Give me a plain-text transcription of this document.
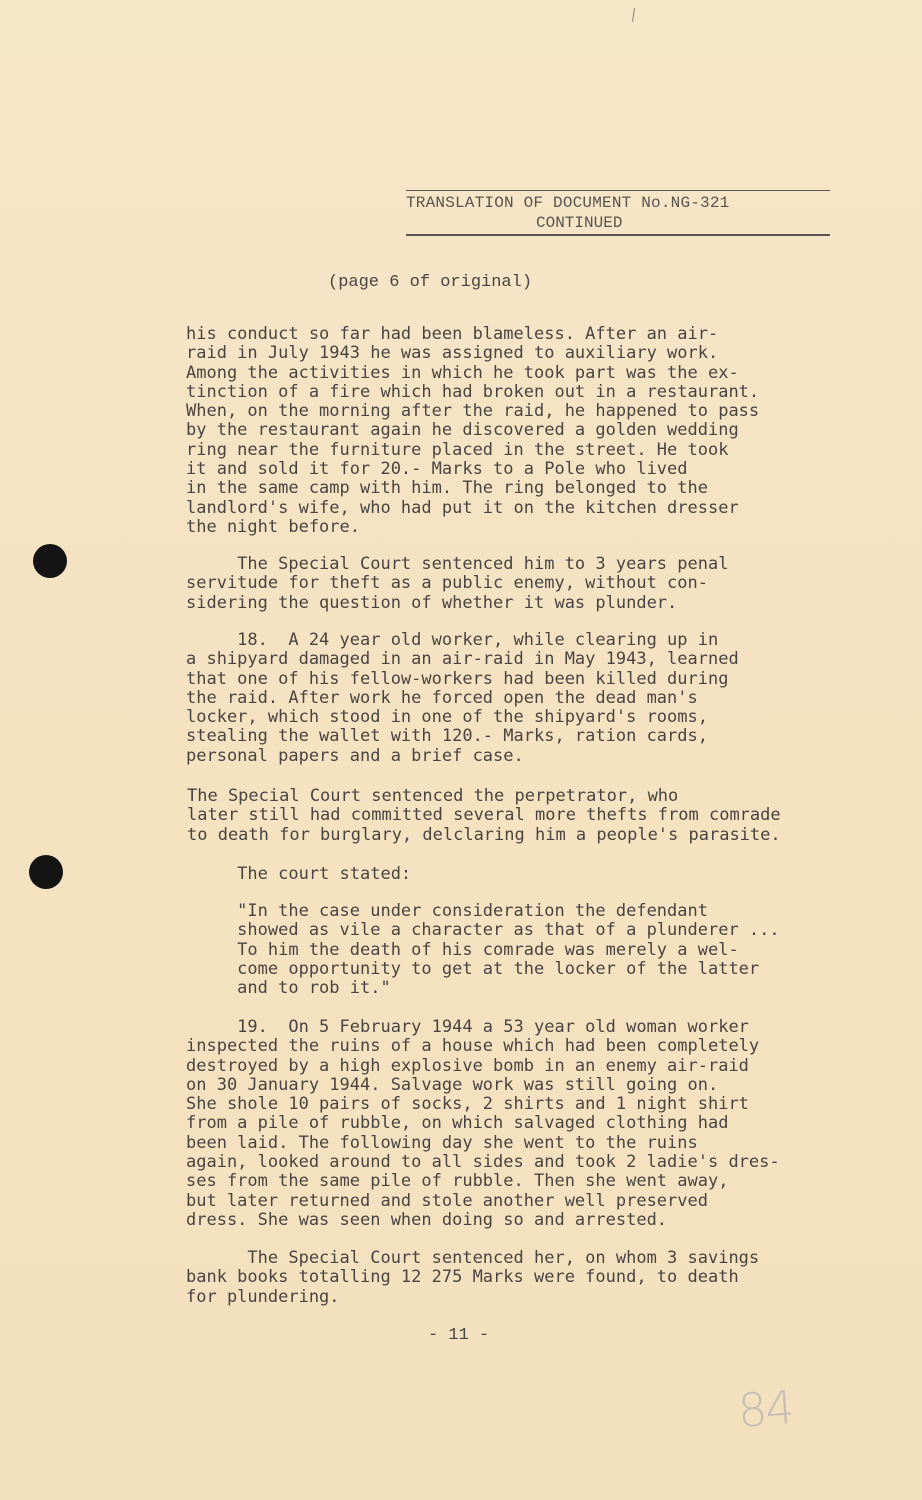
TRANSLATION OF DOCUMENT No.NG-321
CONTINUED
(page 6 of original)
his conduct so far had been blameless. After an air-
raid in July 1943 he was assigned to auxiliary work.
Among the activities in which he took part was the ex-
tinction of a fire which had broken out in a restaurant.
When, on the morning after the raid, he happened to pass
by the restaurant again he discovered a golden wedding
ring near the furniture placed in the street. He took
it and sold it for 20.- Marks to a Pole who lived
in the same camp with him. The ring belonged to the
landlord's wife, who had put it on the kitchen dresser
the night before.
The Special Court sentenced him to 3 years penal
servitude for theft as a public enemy, without con-
sidering the question of whether it was plunder.
18.  A 24 year old worker, while clearing up in
a shipyard damaged in an air-raid in May 1943, learned
that one of his fellow-workers had been killed during
the raid. After work he forced open the dead man's
locker, which stood in one of the shipyard's rooms,
stealing the wallet with 120.- Marks, ration cards,
personal papers and a brief case.
The Special Court sentenced the perpetrator, who
later still had committed several more thefts from comrade
to death for burglary, delclaring him a people's parasite.
The court stated:
"In the case under consideration the defendant
showed as vile a character as that of a plunderer ...
To him the death of his comrade was merely a wel-
come opportunity to get at the locker of the latter
and to rob it."
19.  On 5 February 1944 a 53 year old woman worker
inspected the ruins of a house which had been completely
destroyed by a high explosive bomb in an enemy air-raid
on 30 January 1944. Salvage work was still going on.
She shole 10 pairs of socks, 2 shirts and 1 night shirt
from a pile of rubble, on which salvaged clothing had
been laid. The following day she went to the ruins
again, looked around to all sides and took 2 ladie's dres-
ses from the same pile of rubble. Then she went away,
but later returned and stole another well preserved
dress. She was seen when doing so and arrested.
The Special Court sentenced her, on whom 3 savings
bank books totalling 12 275 Marks were found, to death
for plundering.
- 11 -
84
